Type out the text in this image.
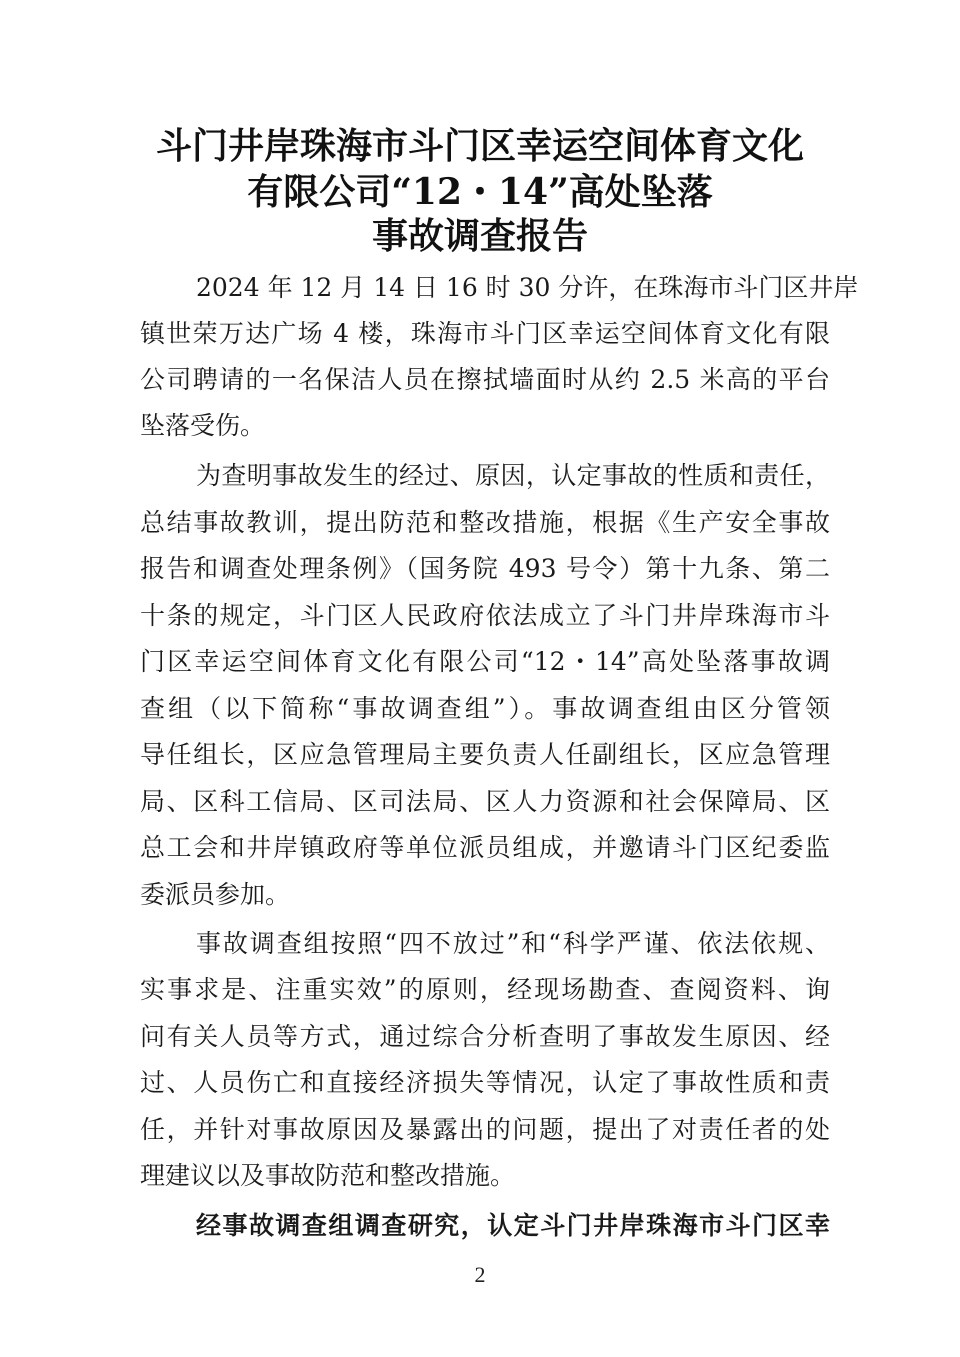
斗门井岸珠海市斗门区幸运空间体育文化
有限公司“12・14”高处坠落
事故调查报告
2024 年 12 月 14 日 16 时 30 分许，在珠海市斗门区井岸
镇世荣万达广场 4 楼，珠海市斗门区幸运空间体育文化有限
公司聘请的一名保洁人员在擦拭墙面时从约 2.5 米高的平台
坠落受伤。
为查明事故发生的经过、原因，认定事故的性质和责任，
总结事故教训，提出防范和整改措施，根据《生产安全事故
报告和调查处理条例》（国务院 493 号令）第十九条、第二
十条的规定，斗门区人民政府依法成立了斗门井岸珠海市斗
门区幸运空间体育文化有限公司“12・14”高处坠落事故调
查组（以下简称“事故调查组”）。事故调查组由区分管领
导任组长，区应急管理局主要负责人任副组长，区应急管理
局、区科工信局、区司法局、区人力资源和社会保障局、区
总工会和井岸镇政府等单位派员组成，并邀请斗门区纪委监
委派员参加。
事故调查组按照“四不放过”和“科学严谨、依法依规、
实事求是、注重实效”的原则，经现场勘查、查阅资料、询
问有关人员等方式，通过综合分析查明了事故发生原因、经
过、人员伤亡和直接经济损失等情况，认定了事故性质和责
任，并针对事故原因及暴露出的问题，提出了对责任者的处
理建议以及事故防范和整改措施。
经事故调查组调查研究，认定斗门井岸珠海市斗门区幸
2
